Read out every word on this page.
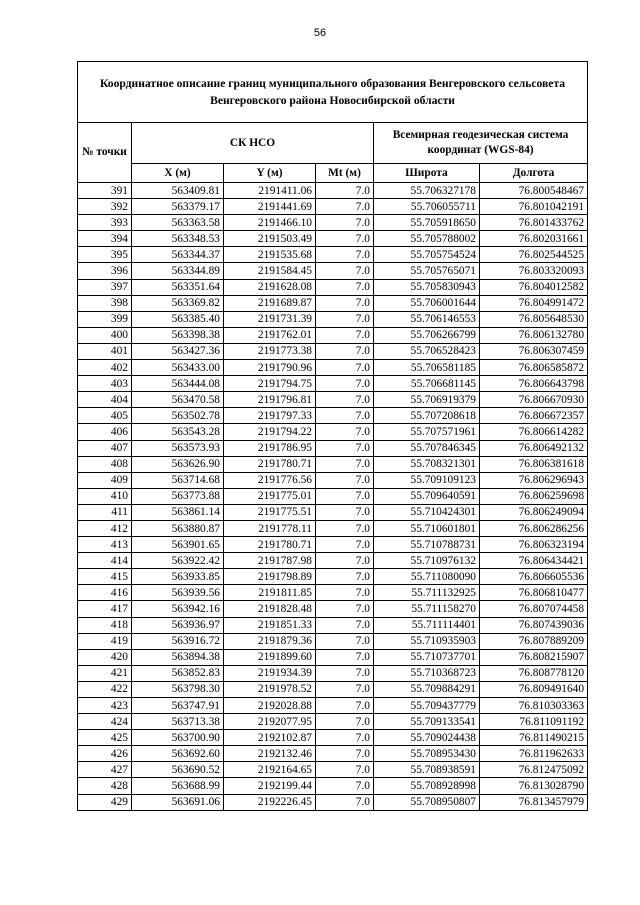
56
Координатное описание границ муниципального образования Венгеровского сельсовета Венгеровского района Новосибирской области					
№ точки	СК НСО			Всемирная геодезическая система координат (WGS-84)	
	X (м)	Y (м)	Mt (м)	Широта	Долгота
391	563409.81	2191411.06	7.0	55.706327178	76.800548467
392	563379.17	2191441.69	7.0	55.706055711	76.801042191
393	563363.58	2191466.10	7.0	55.705918650	76.801433762
394	563348.53	2191503.49	7.0	55.705788002	76.802031661
395	563344.37	2191535.68	7.0	55.705754524	76.802544525
396	563344.89	2191584.45	7.0	55.705765071	76.803320093
397	563351.64	2191628.08	7.0	55.705830943	76.804012582
398	563369.82	2191689.87	7.0	55.706001644	76.804991472
399	563385.40	2191731.39	7.0	55.706146553	76.805648530
400	563398.38	2191762.01	7.0	55.706266799	76.806132780
401	563427.36	2191773.38	7.0	55.706528423	76.806307459
402	563433.00	2191790.96	7.0	55.706581185	76.806585872
403	563444.08	2191794.75	7.0	55.706681145	76.806643798
404	563470.58	2191796.81	7.0	55.706919379	76.806670930
405	563502.78	2191797.33	7.0	55.707208618	76.806672357
406	563543.28	2191794.22	7.0	55.707571961	76.806614282
407	563573.93	2191786.95	7.0	55.707846345	76.806492132
408	563626.90	2191780.71	7.0	55.708321301	76.806381618
409	563714.68	2191776.56	7.0	55.709109123	76.806296943
410	563773.88	2191775.01	7.0	55.709640591	76.806259698
411	563861.14	2191775.51	7.0	55.710424301	76.806249094
412	563880.87	2191778.11	7.0	55.710601801	76.806286256
413	563901.65	2191780.71	7.0	55.710788731	76.806323194
414	563922.42	2191787.98	7.0	55.710976132	76.806434421
415	563933.85	2191798.89	7.0	55.711080090	76.806605536
416	563939.56	2191811.85	7.0	55.711132925	76.806810477
417	563942.16	2191828.48	7.0	55.711158270	76.807074458
418	563936.97	2191851.33	7.0	55.711114401	76.807439036
419	563916.72	2191879.36	7.0	55.710935903	76.807889209
420	563894.38	2191899.60	7.0	55.710737701	76.808215907
421	563852.83	2191934.39	7.0	55.710368723	76.808778120
422	563798.30	2191978.52	7.0	55.709884291	76.809491640
423	563747.91	2192028.88	7.0	55.709437779	76.810303363
424	563713.38	2192077.95	7.0	55.709133541	76.811091192
425	563700.90	2192102.87	7.0	55.709024438	76.811490215
426	563692.60	2192132.46	7.0	55.708953430	76.811962633
427	563690.52	2192164.65	7.0	55.708938591	76.812475092
428	563688.99	2192199.44	7.0	55.708928998	76.813028790
429	563691.06	2192226.45	7.0	55.708950807	76.813457979
